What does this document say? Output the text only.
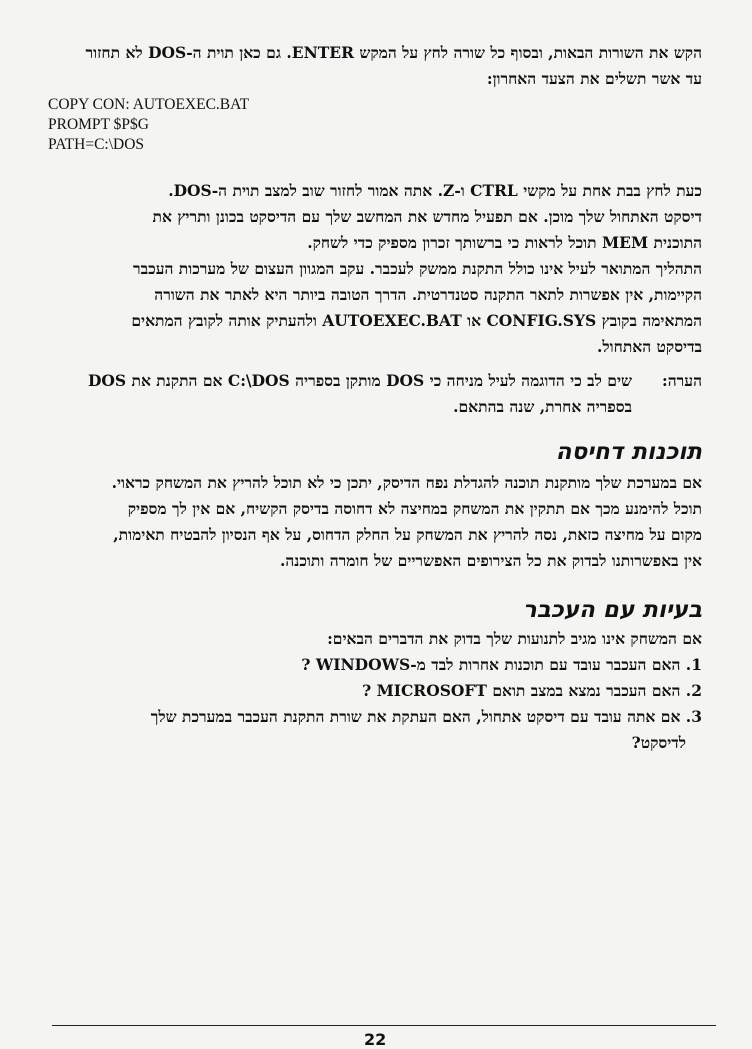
הקש את השורות הבאות, ובסוף כל שורה לחץ על המקש ENTER. גם כאן תוית ה-DOS לא תחזור
עד אשר תשלים את הצעד האחרון:
COPY CON: AUTOEXEC.BAT
PROMPT $P$G
PATH=C:\DOS
כעת לחץ בבת אחת על מקשי CTRL ו-Z. אתה אמור לחזור שוב למצב תוית ה-DOS.
דיסקט האתחול שלך מוכן. אם תפעיל מחדש את המחשב שלך עם הדיסקט בכונן ותריץ את
התוכנית MEM תוכל לראות כי ברשותך זכרון מספיק כדי לשחק.
התהליך המתואר לעיל אינו כולל התקנת ממשק לעכבר. עקב המגוון העצום של מערכות העכבר
הקיימות, אין אפשרות לתאר התקנה סטנדרטית. הדרך הטובה ביותר היא לאתר את השורה
המתאימה בקובץ CONFIG.SYS או AUTOEXEC.BAT ולהעתיק אותה לקובץ המתאים
בדיסקט האתחול.
הערה:
שים לב כי הדוגמה לעיל מניחה כי DOS מותקן בספריה C:\DOS אם התקנת את DOS
בספריה אחרת, שנה בהתאם.
תוכנות דחיסה
אם במערכת שלך מותקנת תוכנה להגדלת נפח הדיסק, יתכן כי לא תוכל להריץ את המשחק כראוי.
תוכל להימנע מכך אם תתקין את המשחק במחיצה לא דחוסה בדיסק הקשיח, אם אין לך מספיק
מקום על מחיצה כזאת, נסה להריץ את המשחק על החלק הדחוס, על אף הנסיון להבטיח תאימות,
אין באפשרותנו לבדוק את כל הצירופים האפשריים של חומרה ותוכנה.
בעיות עם העכבר
אם המשחק אינו מגיב לתנועות שלך בדוק את הדברים הבאים:
1. האם העכבר עובד עם תוכנות אחרות לבד מ-WINDOWS ?
2. האם העכבר נמצא במצב תואם MICROSOFT ?
3. אם אתה עובד עם דיסקט אתחול, האם העתקת את שורת התקנת העכבר במערכת שלך
לדיסקט?
22
